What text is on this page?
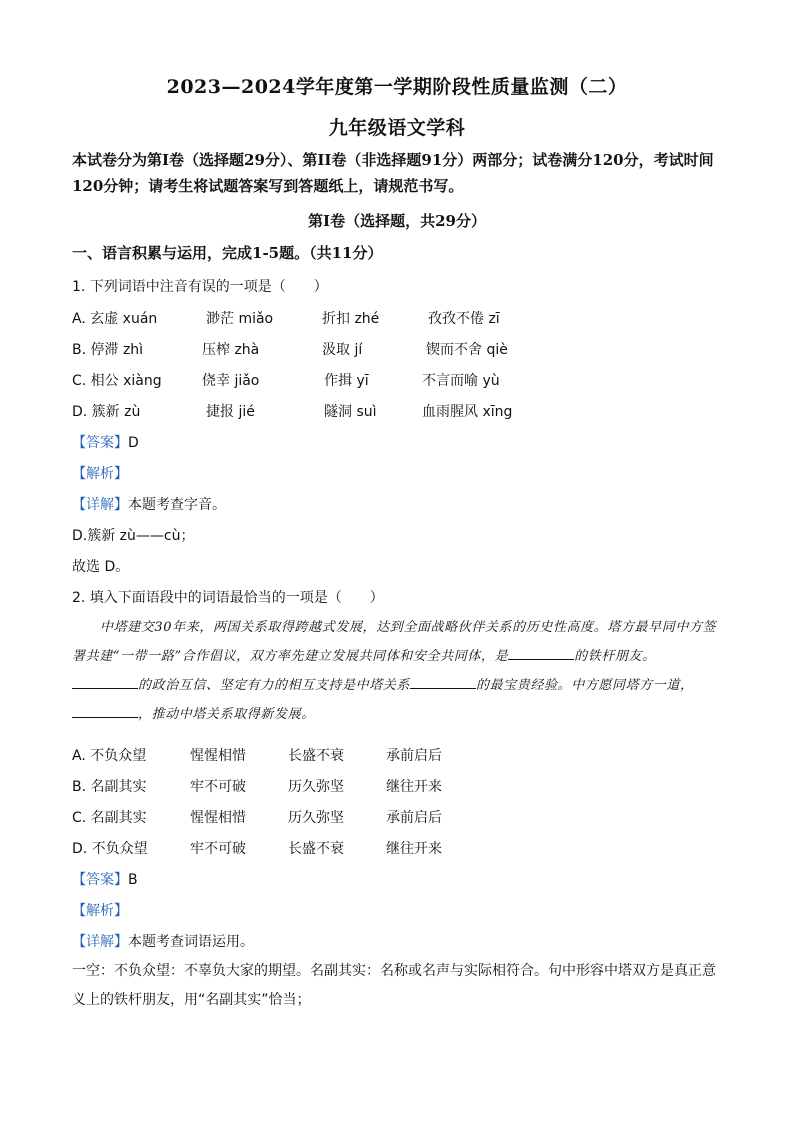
2023—2024学年度第一学期阶段性质量监测（二）
九年级语文学科
本试卷分为第I卷（选择题29分）、第II卷（非选择题91分）两部分；试卷满分120分，考试时间120分钟；请考生将试题答案写到答题纸上，请规范书写。
第I卷（选择题，共29分）
一、语言积累与运用，完成1-5题。（共11分）
1. 下列词语中注音有误的一项是（　　）
A. 玄虚 xuán	渺茫 miǎo	折扣 zhé	孜孜不倦 zī
B. 停滞 zhì	压榨 zhà	汲取 jí	锲而不舍 qiè
C. 相公 xiàng	侥幸 jiǎo	作揖 yī	不言而喻 yù
D. 簇新 zù	捷报 jié	隧洞 suì	血雨腥风 xīng
【答案】D
【解析】
【详解】本题考查字音。
D.簇新 zù——cù；
故选 D。
2. 填入下面语段中的词语最恰当的一项是（　　）
中塔建交30年来，两国关系取得跨越式发展，达到全面战略伙伴关系的历史性高度。塔方最早同中方签署共建“一带一路”合作倡议，双方率先建立发展共同体和安全共同体，是	的铁杆朋友。
的政治互信、坚定有力的相互支持是中塔关系	的最宝贵经验。中方愿同塔方一道，
，推动中塔关系取得新发展。
A. 不负众望	惺惺相惜	长盛不衰	承前启后
B. 名副其实	牢不可破	历久弥坚	继往开来
C. 名副其实	惺惺相惜	历久弥坚	承前启后
D. 不负众望	牢不可破	长盛不衰	继往开来
【答案】B
【解析】
【详解】本题考查词语运用。
一空：不负众望：不辜负大家的期望。名副其实：名称或名声与实际相符合。句中形容中塔双方是真正意义上的铁杆朋友，用“名副其实”恰当；
